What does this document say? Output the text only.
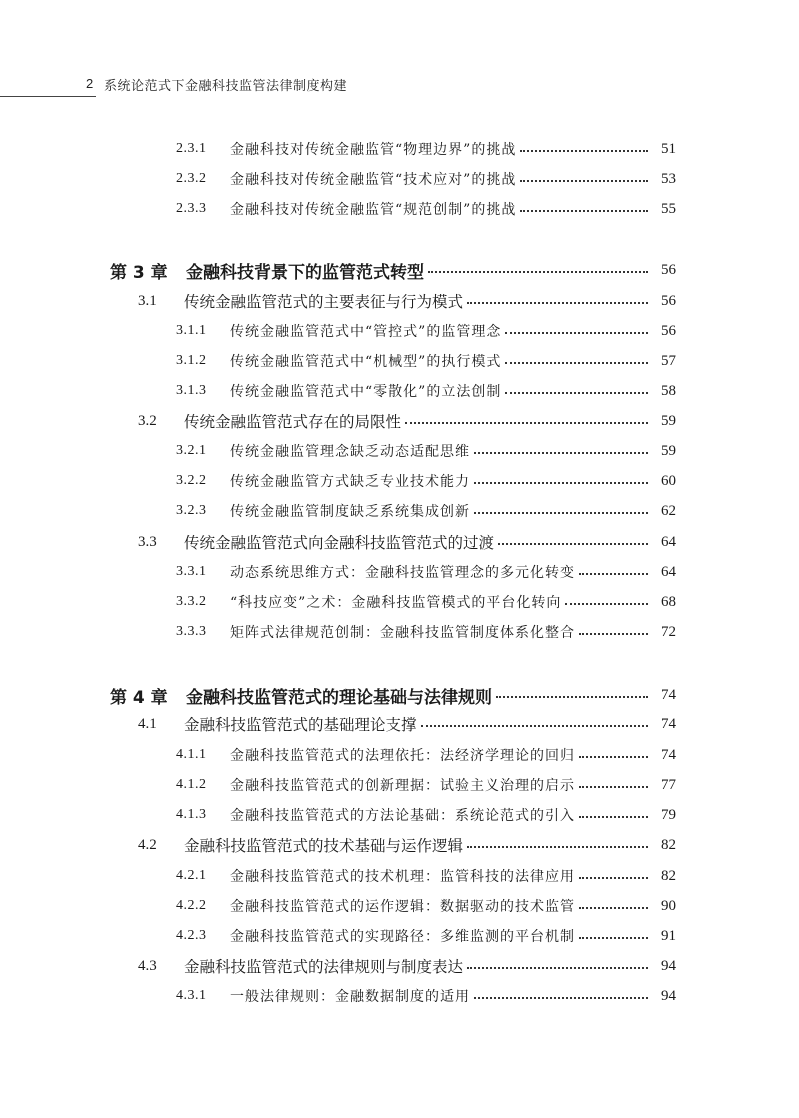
2 系统论范式下金融科技监管法律制度构建
2.3.1	金融科技对传统金融监管“物理边界”的挑战	51
2.3.2	金融科技对传统金融监管“技术应对”的挑战	53
2.3.3	金融科技对传统金融监管“规范创制”的挑战	55
第 3 章	金融科技背景下的监管范式转型	56
3.1	传统金融监管范式的主要表征与行为模式	56
3.1.1	传统金融监管范式中“管控式”的监管理念	56
3.1.2	传统金融监管范式中“机械型”的执行模式	57
3.1.3	传统金融监管范式中“零散化”的立法创制	58
3.2	传统金融监管范式存在的局限性	59
3.2.1	传统金融监管理念缺乏动态适配思维	59
3.2.2	传统金融监管方式缺乏专业技术能力	60
3.2.3	传统金融监管制度缺乏系统集成创新	62
3.3	传统金融监管范式向金融科技监管范式的过渡	64
3.3.1	动态系统思维方式：金融科技监管理念的多元化转变	64
3.3.2	“科技应变”之术：金融科技监管模式的平台化转向	68
3.3.3	矩阵式法律规范创制：金融科技监管制度体系化整合	72
第 4 章	金融科技监管范式的理论基础与法律规则	74
4.1	金融科技监管范式的基础理论支撑	74
4.1.1	金融科技监管范式的法理依托：法经济学理论的回归	74
4.1.2	金融科技监管范式的创新理据：试验主义治理的启示	77
4.1.3	金融科技监管范式的方法论基础：系统论范式的引入	79
4.2	金融科技监管范式的技术基础与运作逻辑	82
4.2.1	金融科技监管范式的技术机理：监管科技的法律应用	82
4.2.2	金融科技监管范式的运作逻辑：数据驱动的技术监管	90
4.2.3	金融科技监管范式的实现路径：多维监测的平台机制	91
4.3	金融科技监管范式的法律规则与制度表达	94
4.3.1	一般法律规则：金融数据制度的适用	94
